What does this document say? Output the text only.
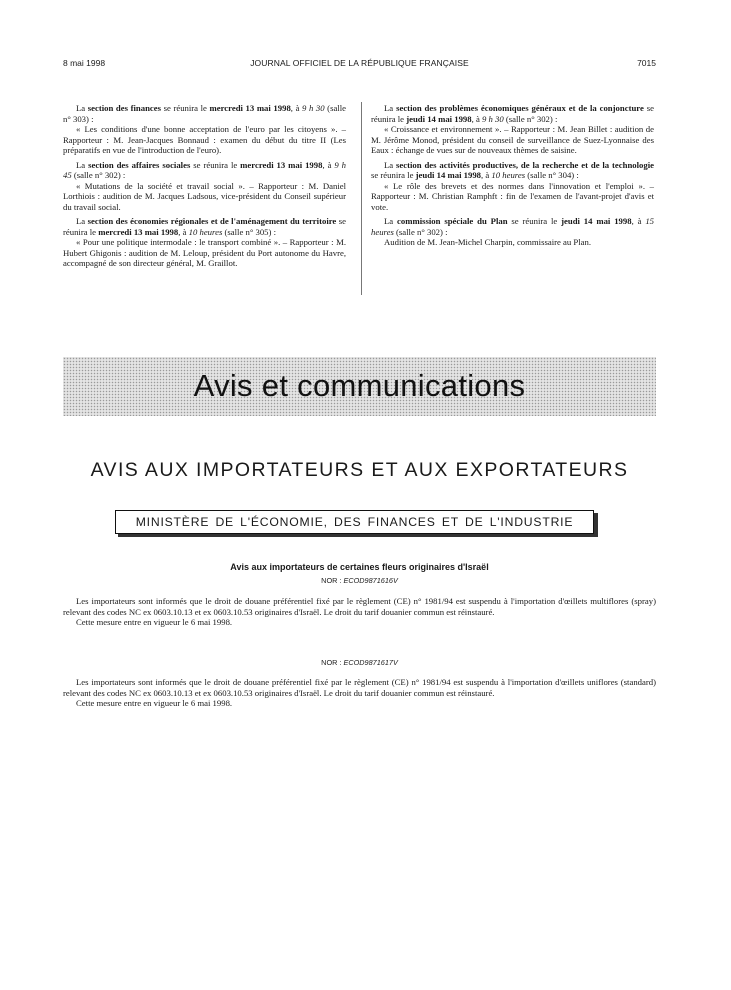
8 mai 1998	JOURNAL OFFICIEL DE LA RÉPUBLIQUE FRANÇAISE	7015

La section des finances se réunira le mercredi 13 mai 1998, à 9 h 30 (salle n° 303) :

« Les conditions d'une bonne acceptation de l'euro par les citoyens ». – Rapporteur : M. Jean-Jacques Bonnaud : examen du début du titre II (Les préparatifs en vue de l'introduction de l'euro).

La section des affaires sociales se réunira le mercredi 13 mai 1998, à 9 h 45 (salle n° 302) :

« Mutations de la société et travail social ». – Rapporteur : M. Daniel Lorthiois : audition de M. Jacques Ladsous, vice-président du Conseil supérieur du travail social.

La section des économies régionales et de l'aménagement du territoire se réunira le mercredi 13 mai 1998, à 10 heures (salle n° 305) :

« Pour une politique intermodale : le transport combiné ». – Rapporteur : M. Hubert Ghigonis : audition de M. Leloup, président du Port autonome du Havre, accompagné de son directeur général, M. Graillot.

La section des problèmes économiques généraux et de la conjoncture se réunira le jeudi 14 mai 1998, à 9 h 30 (salle n° 302) :

« Croissance et environnement ». – Rapporteur : M. Jean Billet : audition de M. Jérôme Monod, président du conseil de surveillance de Suez-Lyonnaise des Eaux : échange de vues sur de nouveaux thèmes de saisine.

La section des activités productives, de la recherche et de la technologie se réunira le jeudi 14 mai 1998, à 10 heures (salle n° 304) :

« Le rôle des brevets et des normes dans l'innovation et l'emploi ». – Rapporteur : M. Christian Ramphft : fin de l'examen de l'avant-projet d'avis et vote.

La commission spéciale du Plan se réunira le jeudi 14 mai 1998, à 15 heures (salle n° 302) :

Audition de M. Jean-Michel Charpin, commissaire au Plan.

Avis et communications
AVIS AUX IMPORTATEURS ET AUX EXPORTATEURS
MINISTÈRE DE L'ÉCONOMIE, DES FINANCES ET DE L'INDUSTRIE
Avis aux importateurs de certaines fleurs originaires d'Israël
NOR : ECOD9871616V

Les importateurs sont informés que le droit de douane préférentiel fixé par le règlement (CE) n° 1981/94 est suspendu à l'importation d'œillets multiflores (spray) relevant des codes NC ex 0603.10.13 et ex 0603.10.53 originaires d'Israël. Le droit du tarif douanier commun est réinstauré.

Cette mesure entre en vigueur le 6 mai 1998.

NOR : ECOD9871617V

Les importateurs sont informés que le droit de douane préférentiel fixé par le règlement (CE) n° 1981/94 est suspendu à l'importation d'œillets uniflores (standard) relevant des codes NC ex 0603.10.13 et ex 0603.10.53 originaires d'Israël. Le droit du tarif douanier commun est réinstauré.

Cette mesure entre en vigueur le 6 mai 1998.
